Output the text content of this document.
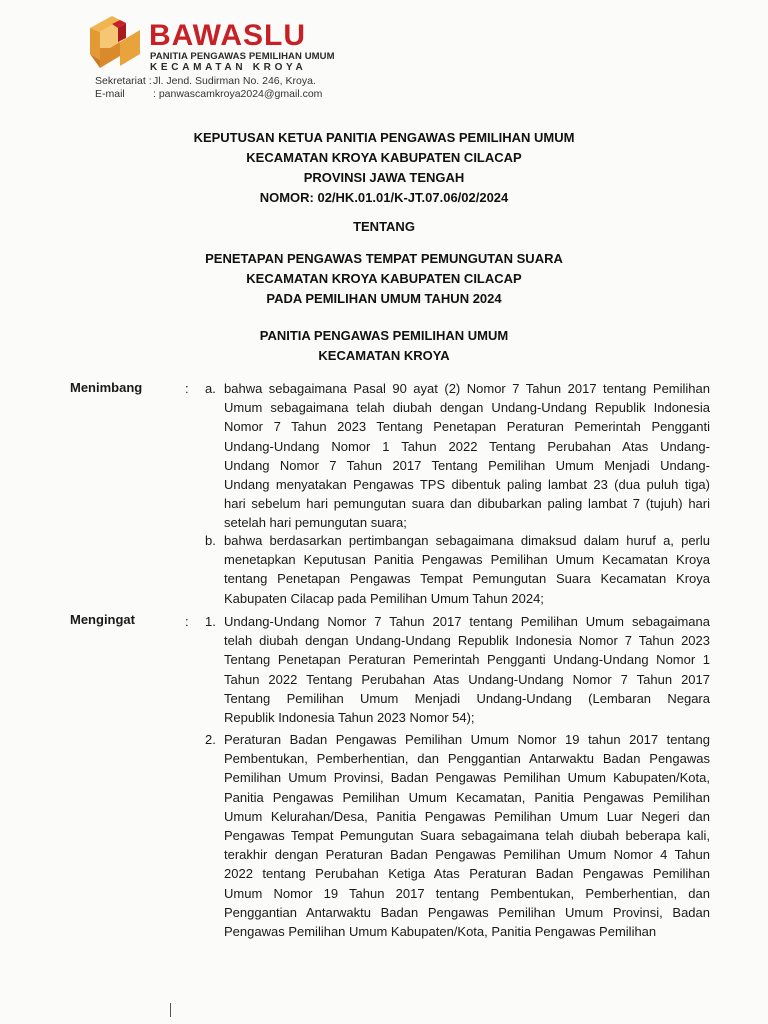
BAWASLU
PANITIA PENGAWAS PEMILIHAN UMUM
KECAMATAN KROYA
Sekretariat : Jl. Jend. Sudirman No. 246, Kroya.
E-mail	: panwascamkroya2024@gmail.com
KEPUTUSAN KETUA PANITIA PENGAWAS PEMILIHAN UMUM
KECAMATAN KROYA KABUPATEN CILACAP
PROVINSI JAWA TENGAH
NOMOR: 02/HK.01.01/K-JT.07.06/02/2024
TENTANG
PENETAPAN PENGAWAS TEMPAT PEMUNGUTAN SUARA
KECAMATAN KROYA KABUPATEN CILACAP
PADA PEMILIHAN UMUM TAHUN 2024
PANITIA PENGAWAS PEMILIHAN UMUM
KECAMATAN KROYA
Menimbang	: a. bahwa sebagaimana Pasal 90 ayat (2) Nomor 7 Tahun 2017 tentang Pemilihan
Umum sebagaimana telah diubah dengan Undang-Undang Republik Indonesia
Nomor 7 Tahun 2023 Tentang Penetapan Peraturan Pemerintah Pengganti
Undang-Undang Nomor 1 Tahun 2022 Tentang Perubahan Atas Undang-
Undang Nomor 7 Tahun 2017 Tentang Pemilihan Umum Menjadi Undang-
Undang menyatakan Pengawas TPS dibentuk paling lambat 23 (dua puluh tiga)
hari sebelum hari pemungutan suara dan dibubarkan paling lambat 7 (tujuh) hari
setelah hari pemungutan suara;
b. bahwa berdasarkan pertimbangan sebagaimana dimaksud dalam huruf a, perlu
menetapkan Keputusan Panitia Pengawas Pemilihan Umum Kecamatan Kroya
tentang Penetapan Pengawas Tempat Pemungutan Suara Kecamatan Kroya
Kabupaten Cilacap pada Pemilihan Umum Tahun 2024;
Mengingat	: 1. Undang-Undang Nomor 7 Tahun 2017 tentang Pemilihan Umum sebagaimana
telah diubah dengan Undang-Undang Republik Indonesia Nomor 7 Tahun 2023
Tentang Penetapan Peraturan Pemerintah Pengganti Undang-Undang Nomor 1
Tahun 2022 Tentang Perubahan Atas Undang-Undang Nomor 7 Tahun 2017
Tentang Pemilihan Umum Menjadi Undang-Undang (Lembaran Negara
Republik Indonesia Tahun 2023 Nomor 54);
2. Peraturan Badan Pengawas Pemilihan Umum Nomor 19 tahun 2017 tentang
Pembentukan, Pemberhentian, dan Penggantian Antarwaktu Badan Pengawas
Pemilihan Umum Provinsi, Badan Pengawas Pemilihan Umum Kabupaten/Kota,
Panitia Pengawas Pemilihan Umum Kecamatan, Panitia Pengawas Pemilihan
Umum Kelurahan/Desa, Panitia Pengawas Pemilihan Umum Luar Negeri dan
Pengawas Tempat Pemungutan Suara sebagaimana telah diubah beberapa kali,
terakhir dengan Peraturan Badan Pengawas Pemilihan Umum Nomor 4 Tahun
2022 tentang Perubahan Ketiga Atas Peraturan Badan Pengawas Pemilihan
Umum Nomor 19 Tahun 2017 tentang Pembentukan, Pemberhentian, dan
Penggantian Antarwaktu Badan Pengawas Pemilihan Umum Provinsi, Badan
Pengawas Pemilihan Umum Kabupaten/Kota, Panitia Pengawas Pemilihan
